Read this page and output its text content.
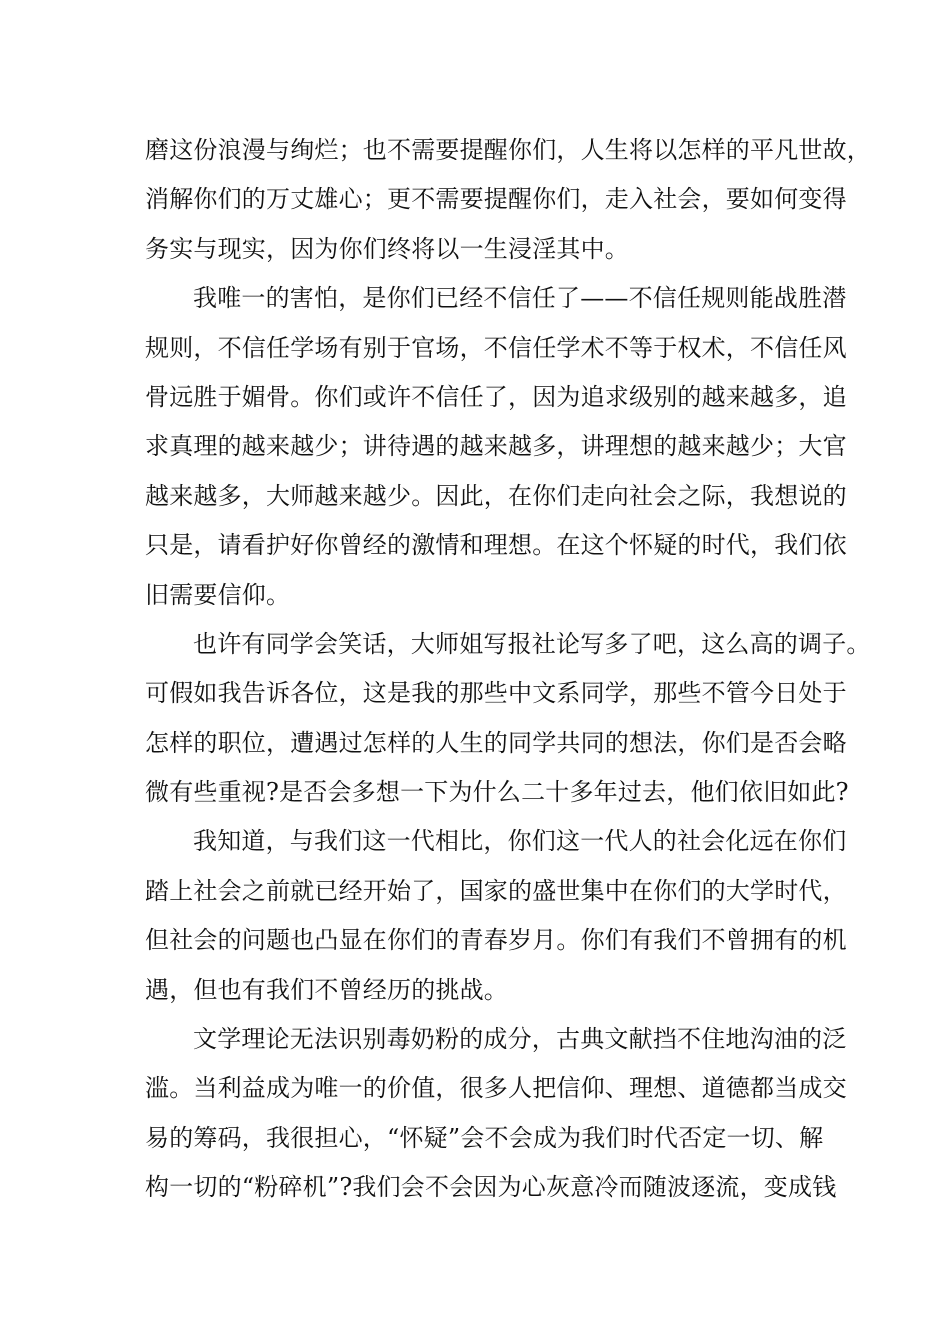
磨这份浪漫与绚烂；也不需要提醒你们，人生将以怎样的平凡世故，
消解你们的万丈雄心；更不需要提醒你们，走入社会，要如何变得
务实与现实，因为你们终将以一生浸淫其中。
我唯一的害怕，是你们已经不信任了——不信任规则能战胜潜
规则，不信任学场有别于官场，不信任学术不等于权术，不信任风
骨远胜于媚骨。你们或许不信任了，因为追求级别的越来越多，追
求真理的越来越少；讲待遇的越来越多，讲理想的越来越少；大官
越来越多，大师越来越少。因此，在你们走向社会之际，我想说的
只是，请看护好你曾经的激情和理想。在这个怀疑的时代，我们依
旧需要信仰。
也许有同学会笑话，大师姐写报社论写多了吧，这么高的调子。
可假如我告诉各位，这是我的那些中文系同学，那些不管今日处于
怎样的职位，遭遇过怎样的人生的同学共同的想法，你们是否会略
微有些重视?是否会多想一下为什么二十多年过去，他们依旧如此?
我知道，与我们这一代相比，你们这一代人的社会化远在你们
踏上社会之前就已经开始了，国家的盛世集中在你们的大学时代，
但社会的问题也凸显在你们的青春岁月。你们有我们不曾拥有的机
遇，但也有我们不曾经历的挑战。
文学理论无法识别毒奶粉的成分，古典文献挡不住地沟油的泛
滥。当利益成为唯一的价值，很多人把信仰、理想、道德都当成交
易的筹码，我很担心，“怀疑”会不会成为我们时代否定一切、解
构一切的“粉碎机”?我们会不会因为心灰意冷而随波逐流，变成钱
